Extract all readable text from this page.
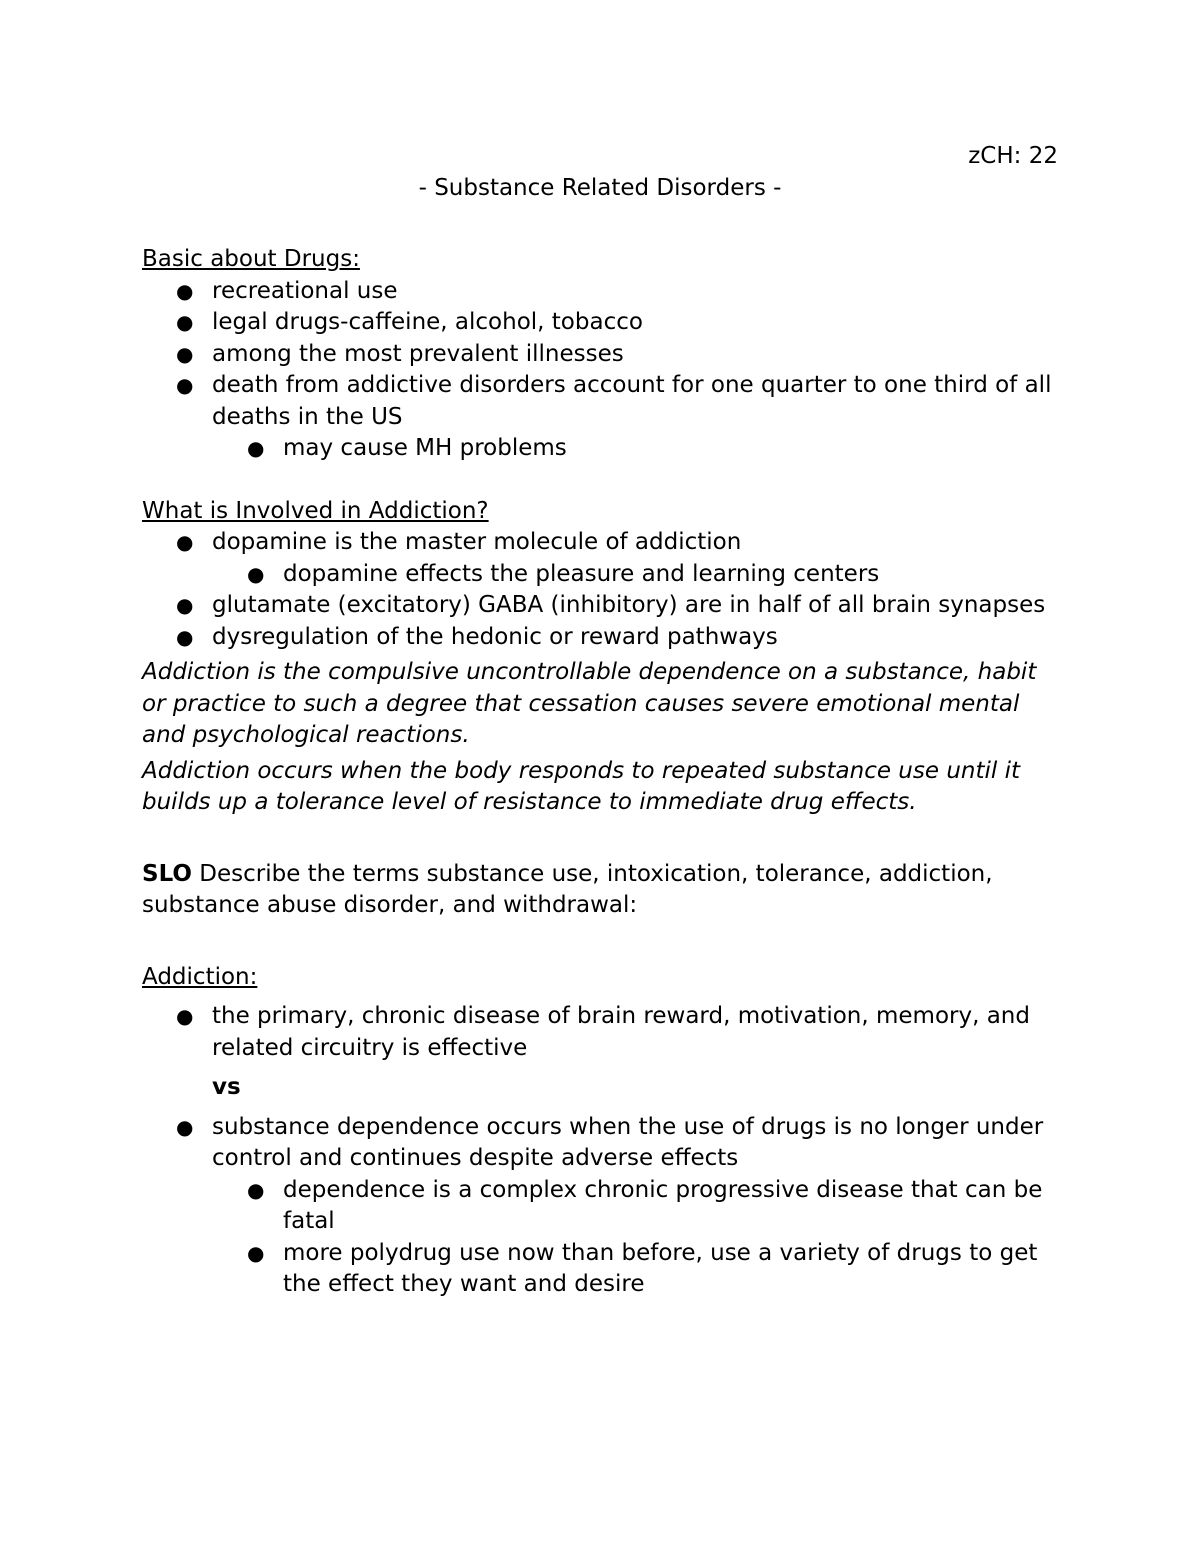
zCH: 22
- Substance Related Disorders -

Basic about Drugs:

● recreational use
● legal drugs-caffeine, alcohol, tobacco
● among the most prevalent illnesses
● death from addictive disorders account for one quarter to one third of all deaths in the US
● may cause MH problems

What is Involved in Addiction?

● dopamine is the master molecule of addiction
● dopamine effects the pleasure and learning centers
● glutamate (excitatory) GABA (inhibitory) are in half of all brain synapses
● dysregulation of the hedonic or reward pathways

Addiction is the compulsive uncontrollable dependence on a substance, habit or practice to such a degree that cessation causes severe emotional mental and psychological reactions.

Addiction occurs when the body responds to repeated substance use until it builds up a tolerance level of resistance to immediate drug effects.

SLO Describe the terms substance use, intoxication, tolerance, addiction, substance abuse disorder, and withdrawal:

Addiction:

● the primary, chronic disease of brain reward, motivation, memory, and related circuitry is effective

vs

● substance dependence occurs when the use of drugs is no longer under control and continues despite adverse effects
● dependence is a complex chronic progressive disease that can be fatal
● more polydrug use now than before, use a variety of drugs to get the effect they want and desire
